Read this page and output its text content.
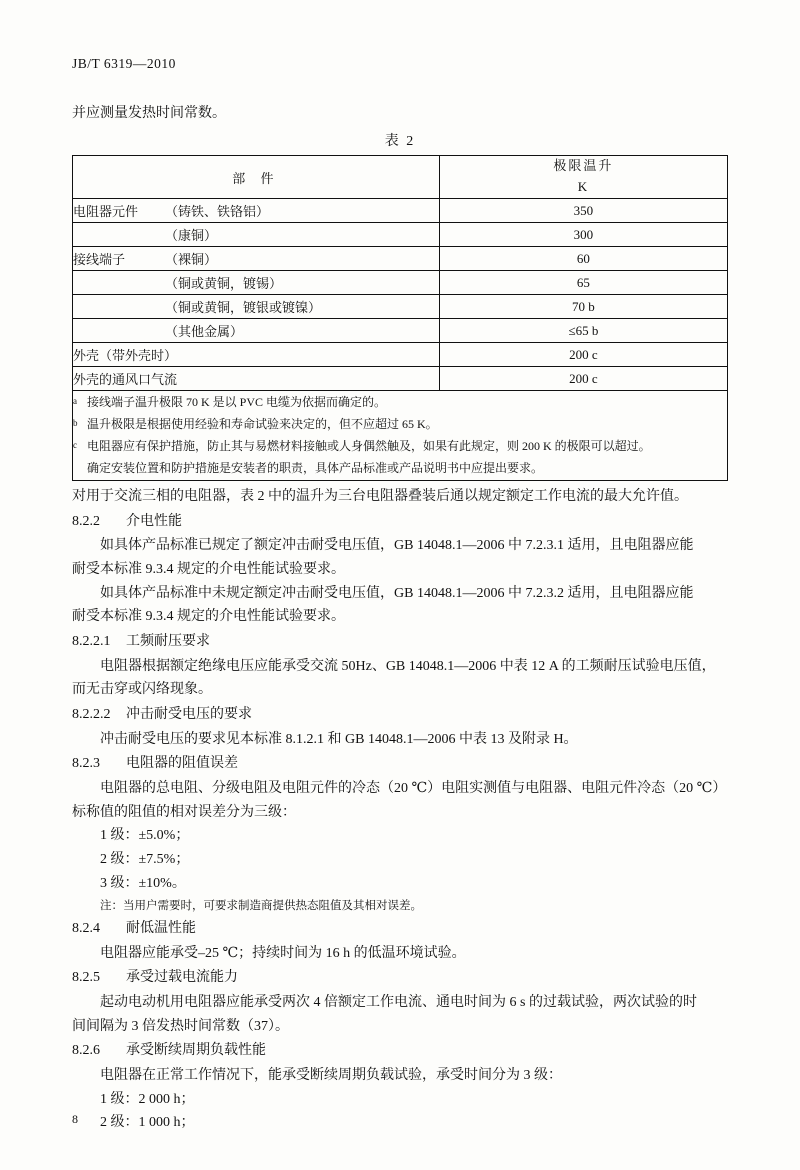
JB/T 6319—2010
并应测量发热时间常数。
表 2
部 件	极限温升
K

电阻器元件 （铸铁、铁铬铝）	350
（康铜）	300
接线端子 （裸铜）	60
（铜或黄铜，镀锡）	65
（铜或黄铜，镀银或镀镍）	70 b
（其他金属）	≤65 b
外壳（带外壳时）	200 c
外壳的通风口气流	200 c

a 接线端子温升极限 70 K 是以 PVC 电缆为依据而确定的。
b 温升极限是根据使用经验和寿命试验来决定的，但不应超过 65 K。
c 电阻器应有保护措施，防止其与易燃材料接触或人身偶然触及，如果有此规定，则 200 K 的极限可以超过。
确定安装位置和防护措施是安装者的职责，具体产品标准或产品说明书中应提出要求。

对用于交流三相的电阻器，表 2 中的温升为三台电阻器叠装后通以规定额定工作电流的最大允许值。

8.2.2 介电性能

如具体产品标准已规定了额定冲击耐受电压值，GB 14048.1—2006 中 7.2.3.1 适用，且电阻器应能

耐受本标准 9.3.4 规定的介电性能试验要求。

如具体产品标准中未规定额定冲击耐受电压值，GB 14048.1—2006 中 7.2.3.2 适用，且电阻器应能

耐受本标准 9.3.4 规定的介电性能试验要求。

8.2.2.1 工频耐压要求

电阻器根据额定绝缘电压应能承受交流 50Hz、GB 14048.1—2006 中表 12 A 的工频耐压试验电压值，

而无击穿或闪络现象。

8.2.2.2 冲击耐受电压的要求

冲击耐受电压的要求见本标准 8.1.2.1 和 GB 14048.1—2006 中表 13 及附录 H。

8.2.3 电阻器的阻值误差

电阻器的总电阻、分级电阻及电阻元件的冷态（20 ℃）电阻实测值与电阻器、电阻元件冷态（20 ℃）

标称值的阻值的相对误差分为三级：

1 级：±5.0%；

2 级：±7.5%；

3 级：±10%。

注：当用户需要时，可要求制造商提供热态阻值及其相对误差。

8.2.4 耐低温性能

电阻器应能承受–25 ℃；持续时间为 16 h 的低温环境试验。

8.2.5 承受过载电流能力

起动电动机用电阻器应能承受两次 4 倍额定工作电流、通电时间为 6 s 的过载试验，两次试验的时

间间隔为 3 倍发热时间常数（37）。

8.2.6 承受断续周期负载性能

电阻器在正常工作情况下，能承受断续周期负载试验，承受时间分为 3 级：

1 级：2 000 h；

2 级：1 000 h；

8
